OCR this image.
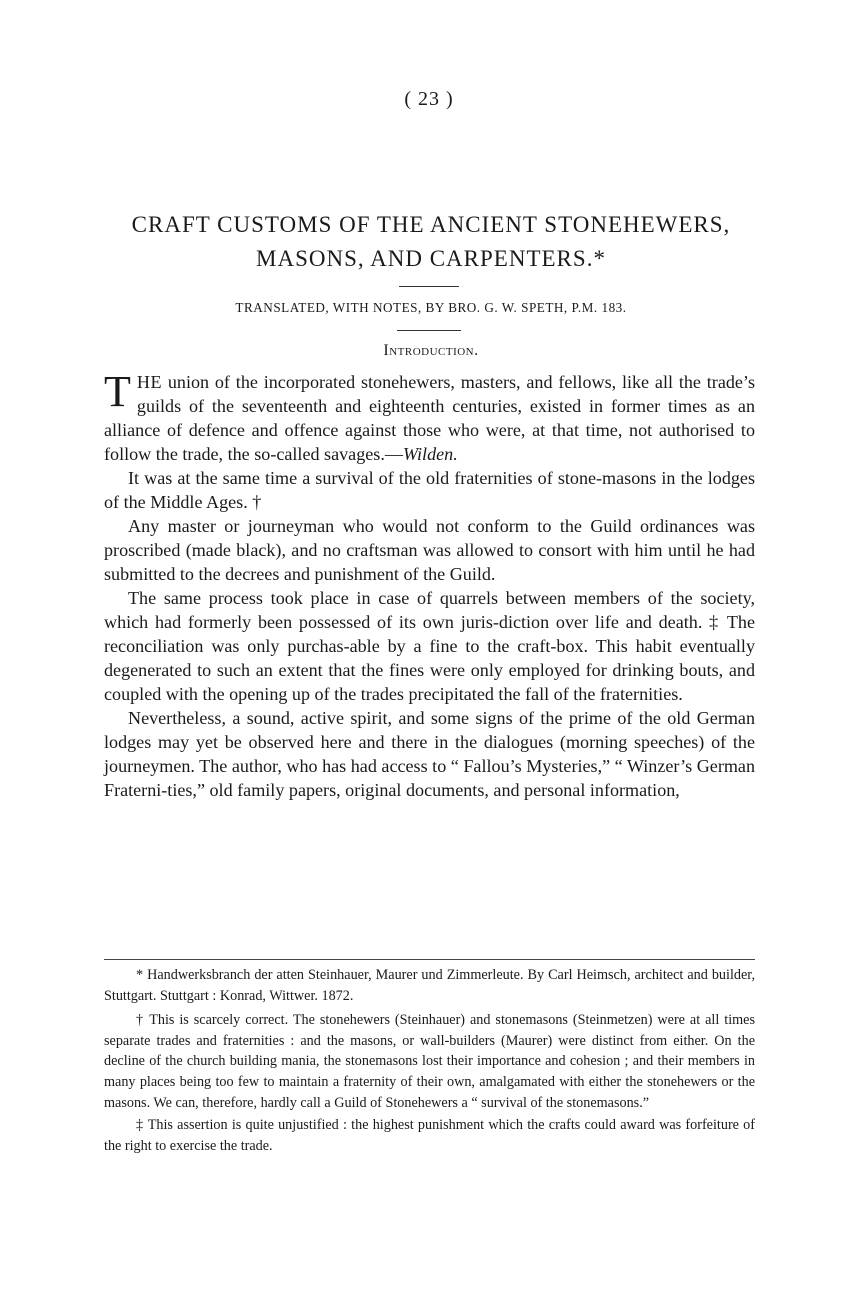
( 23 )
CRAFT CUSTOMS OF THE ANCIENT STONEHEWERS,
MASONS, AND CARPENTERS.*
TRANSLATED, WITH NOTES, BY BRO. G. W. SPETH, P.M. 183.
Introduction.

THE union of the incorporated stonehewers, masters, and fellows, like all the trade’s guilds of the seventeenth and eighteenth centuries, existed in former times as an alliance of defence and offence against those who were, at that time, not authorised to follow the trade, the so-called savages.—Wilden.

It was at the same time a survival of the old fraternities of stone-masons in the lodges of the Middle Ages. †

Any master or journeyman who would not conform to the Guild ordinances was proscribed (made black), and no craftsman was allowed to consort with him until he had submitted to the decrees and punishment of the Guild.

The same process took place in case of quarrels between members of the society, which had formerly been possessed of its own juris-diction over life and death. ‡ The reconciliation was only purchas-able by a fine to the craft-box. This habit eventually degenerated to such an extent that the fines were only employed for drinking bouts, and coupled with the opening up of the trades precipitated the fall of the fraternities.

Nevertheless, a sound, active spirit, and some signs of the prime of the old German lodges may yet be observed here and there in the dialogues (morning speeches) of the journeymen. The author, who has had access to “ Fallou’s Mysteries,” “ Winzer’s German Fraterni-ties,” old family papers, original documents, and personal information,

* Handwerksbranch der atten Steinhauer, Maurer und Zimmerleute. By Carl Heimsch, architect and builder, Stuttgart. Stuttgart : Konrad, Wittwer. 1872.

† This is scarcely correct. The stonehewers (Steinhauer) and stonemasons (Steinmetzen) were at all times separate trades and fraternities : and the masons, or wall-builders (Maurer) were distinct from either. On the decline of the church building mania, the stonemasons lost their importance and cohesion ; and their members in many places being too few to maintain a fraternity of their own, amalgamated with either the stonehewers or the masons. We can, therefore, hardly call a Guild of Stonehewers a “ survival of the stonemasons.”

‡ This assertion is quite unjustified : the highest punishment which the crafts could award was forfeiture of the right to exercise the trade.
